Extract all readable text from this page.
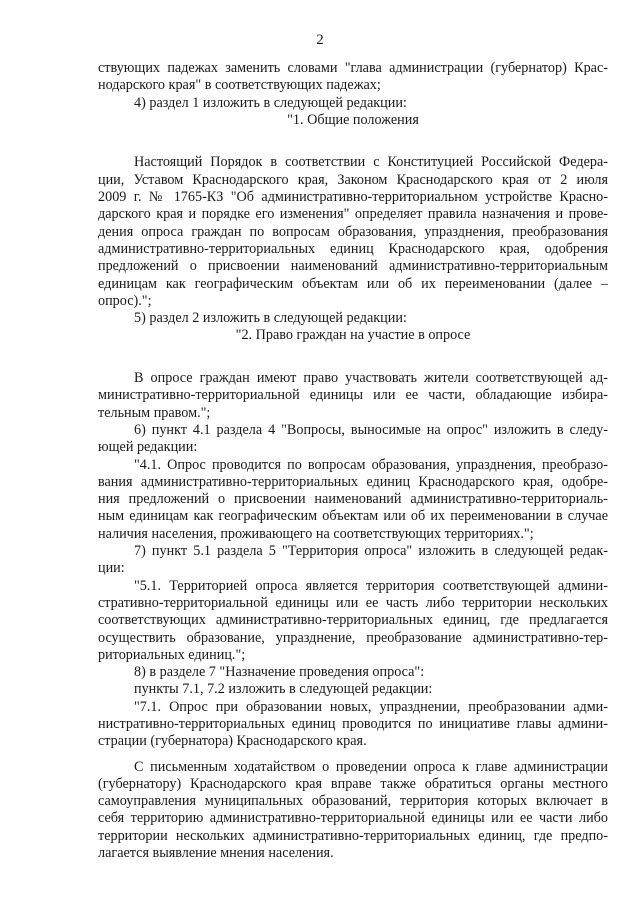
2
ствующих падежах заменить словами "глава администрации (губернатор) Крас-
нодарского края" в соответствующих падежах;
4) раздел 1 изложить в следующей редакции:
"1. Общие положения
Настоящий Порядок в соответствии с Конституцией Российской Федера-
ции, Уставом Краснодарского края, Законом Краснодарского края от 2 июля
2009 г. № 1765-КЗ "Об административно-территориальном устройстве Красно-
дарского края и порядке его изменения" определяет правила назначения и прове-
дения опроса граждан по вопросам образования, упразднения, преобразования
административно-территориальных единиц Краснодарского края, одобрения
предложений о присвоении наименований административно-территориальным
единицам как географическим объектам или об их переименовании (далее –
опрос).";
5) раздел 2 изложить в следующей редакции:
"2. Право граждан на участие в опросе
В опросе граждан имеют право участвовать жители соответствующей ад-
министративно-территориальной единицы или ее части, обладающие избира-
тельным правом.";
6) пункт 4.1 раздела 4 "Вопросы, выносимые на опрос" изложить в следу-
ющей редакции:
"4.1. Опрос проводится по вопросам образования, упразднения, преобразо-
вания административно-территориальных единиц Краснодарского края, одобре-
ния предложений о присвоении наименований административно-территориаль-
ным единицам как географическим объектам или об их переименовании в случае
наличия населения, проживающего на соответствующих территориях.";
7) пункт 5.1 раздела 5 "Территория опроса" изложить в следующей редак-
ции:
"5.1. Территорией опроса является территория соответствующей админи-
стративно-территориальной единицы или ее часть либо территории нескольких
соответствующих административно-территориальных единиц, где предлагается
осуществить образование, упразднение, преобразование административно-тер-
риториальных единиц.";
8) в разделе 7 "Назначение проведения опроса":
пункты 7.1, 7.2 изложить в следующей редакции:
"7.1. Опрос при образовании новых, упразднении, преобразовании адми-
нистративно-территориальных единиц проводится по инициативе главы админи-
страции (губернатора) Краснодарского края.
С письменным ходатайством о проведении опроса к главе администрации
(губернатору) Краснодарского края вправе также обратиться органы местного
самоуправления муниципальных образований, территория которых включает в
себя территорию административно-территориальной единицы или ее части либо
территории нескольких административно-территориальных единиц, где предпо-
лагается выявление мнения населения.
